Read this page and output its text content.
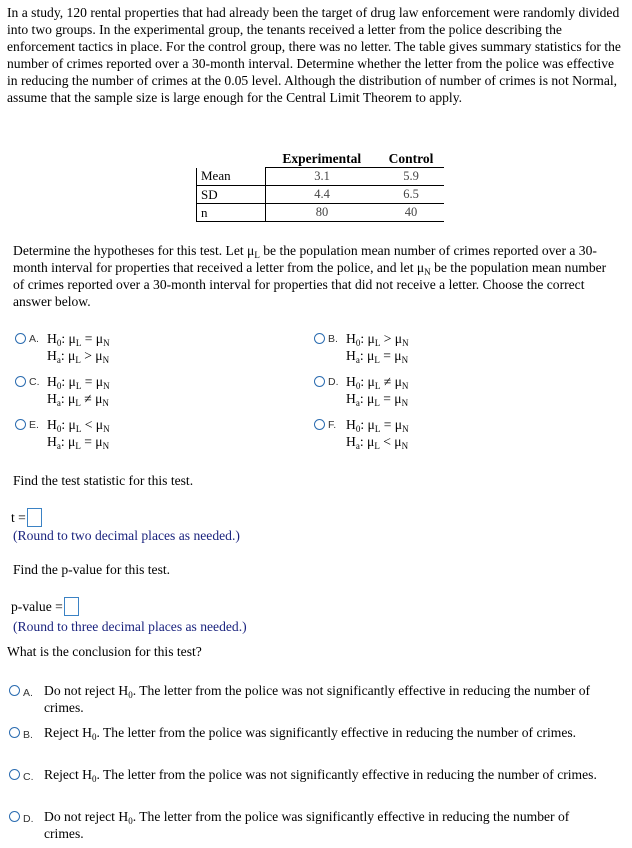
In a study, 120 rental properties that had already been the target of drug law enforcement were randomly divided into two groups. In the experimental group, the tenants received a letter from the police describing the enforcement tactics in place. For the control group, there was no letter. The table gives summary statistics for the number of crimes reported over a 30-month interval. Determine whether the letter from the police was effective in reducing the number of crimes at the 0.05 level. Although the distribution of number of crimes is not Normal, assume that the sample size is large enough for the Central Limit Theorem to apply.
	Experimental	Control
Mean	3.1	5.9
SD	4.4	6.5
n	80	40
Determine the hypotheses for this test. Let $\mu_L$ be the population mean number of crimes reported over a 30-month interval for properties that received a letter from the police, and let $\mu_N$ be the population mean number of crimes reported over a 30-month interval for properties that did not receive a letter. Choose the correct answer below.
A. $H_0$: $\mu_L = \mu_N$
$H_a$: $\mu_L > \mu_N$
B. $H_0$: $\mu_L > \mu_N$
$H_a$: $\mu_L = \mu_N$
C. $H_0$: $\mu_L = \mu_N$
$H_a$: $\mu_L \ne \mu_N$
D. $H_0$: $\mu_L \ne \mu_N$
$H_a$: $\mu_L = \mu_N$
E. $H_0$: $\mu_L < \mu_N$
$H_a$: $\mu_L = \mu_N$
F. $H_0$: $\mu_L = \mu_N$
$H_a$: $\mu_L < \mu_N$
Find the test statistic for this test.
t =
(Round to two decimal places as needed.)
Find the p-value for this test.
p-value =
(Round to three decimal places as needed.)
What is the conclusion for this test?
A. Do not reject $H_0$. The letter from the police was not significantly effective in reducing the number of crimes.
B. Reject $H_0$. The letter from the police was significantly effective in reducing the number of crimes.
C. Reject $H_0$. The letter from the police was not significantly effective in reducing the number of crimes.
D. Do not reject $H_0$. The letter from the police was significantly effective in reducing the number of crimes.
